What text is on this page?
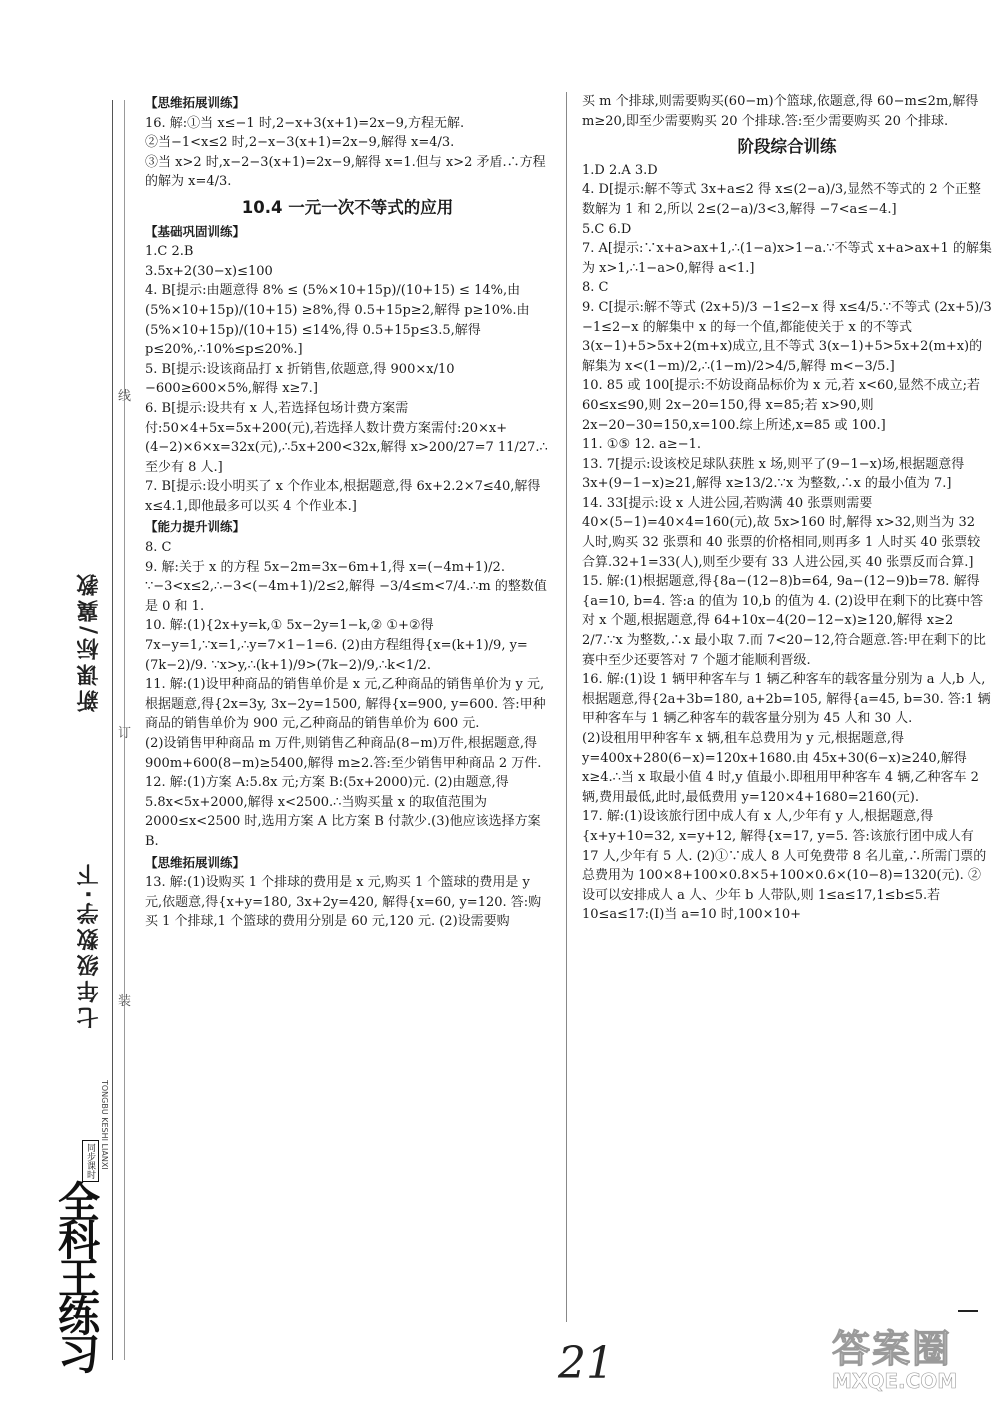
新课标/冀教
七年级数学·下
线
订
装
TONGBU KESHI LIANXI
同步课时
全科王练习
【思维拓展训练】
16. 解:①当 x≤−1 时,2−x+3(x+1)=2x−9,方程无解.
②当−1<x≤2 时,2−x−3(x+1)=2x−9,解得 x=4/3.
③当 x>2 时,x−2−3(x+1)=2x−9,解得 x=1.但与 x>2 矛盾.∴方程的解为 x=4/3.
10.4 一元一次不等式的应用
【基础巩固训练】
1.C 2.B
3.5x+2(30−x)≤100
4. B[提示:由题意得 8% ≤ (5%×10+15p)/(10+15) ≤ 14%,由 (5%×10+15p)/(10+15) ≥8%,得 0.5+15p≥2,解得 p≥10%.由 (5%×10+15p)/(10+15) ≤14%,得 0.5+15p≤3.5,解得 p≤20%,∴10%≤p≤20%.]
5. B[提示:设该商品打 x 折销售,依题意,得 900×x/10 −600≥600×5%,解得 x≥7.]
6. B[提示:设共有 x 人,若选择包场计费方案需付:50×4+5x=5x+200(元),若选择人数计费方案需付:20×x+(4−2)×6×x=32x(元),∴5x+200<32x,解得 x>200/27=7 11/27.∴至少有 8 人.]
7. B[提示:设小明买了 x 个作业本,根据题意,得 6x+2.2×7≤40,解得 x≤4.1,即他最多可以买 4 个作业本.]
【能力提升训练】
8. C
9. 解:关于 x 的方程 5x−2m=3x−6m+1,得 x=(−4m+1)/2. ∵−3<x≤2,∴−3<(−4m+1)/2≤2,解得 −3/4≤m<7/4.∴m 的整数值是 0 和 1.
10. 解:(1){2x+y=k,① 5x−2y=1−k,② ①+②得 7x−y=1,∵x=1,∴y=7×1−1=6. (2)由方程组得{x=(k+1)/9, y=(7k−2)/9. ∵x>y,∴(k+1)/9>(7k−2)/9,∴k<1/2.
11. 解:(1)设甲种商品的销售单价是 x 元,乙种商品的销售单价为 y 元,根据题意,得{2x=3y, 3x−2y=1500, 解得{x=900, y=600. 答:甲种商品的销售单价为 900 元,乙种商品的销售单价为 600 元.
(2)设销售甲种商品 m 万件,则销售乙种商品(8−m)万件,根据题意,得 900m+600(8−m)≥5400,解得 m≥2.答:至少销售甲种商品 2 万件.
12. 解:(1)方案 A:5.8x 元;方案 B:(5x+2000)元. (2)由题意,得 5.8x<5x+2000,解得 x<2500.∴当购买量 x 的取值范围为 2000≤x<2500 时,选用方案 A 比方案 B 付款少.(3)他应该选择方案 B.
【思维拓展训练】
13. 解:(1)设购买 1 个排球的费用是 x 元,购买 1 个篮球的费用是 y 元,依题意,得{x+y=180, 3x+2y=420, 解得{x=60, y=120. 答:购买 1 个排球,1 个篮球的费用分别是 60 元,120 元. (2)设需要购
买 m 个排球,则需要购买(60−m)个篮球,依题意,得 60−m≤2m,解得 m≥20,即至少需要购买 20 个排球.答:至少需要购买 20 个排球.
阶段综合训练
1.D 2.A 3.D
4. D[提示:解不等式 3x+a≤2 得 x≤(2−a)/3,显然不等式的 2 个正整数解为 1 和 2,所以 2≤(2−a)/3<3,解得 −7<a≤−4.]
5.C 6.D
7. A[提示:∵x+a>ax+1,∴(1−a)x>1−a.∵不等式 x+a>ax+1 的解集为 x>1,∴1−a>0,解得 a<1.]
8. C
9. C[提示:解不等式 (2x+5)/3 −1≤2−x 得 x≤4/5.∵不等式 (2x+5)/3 −1≤2−x 的解集中 x 的每一个值,都能使关于 x 的不等式 3(x−1)+5>5x+2(m+x)成立,且不等式 3(x−1)+5>5x+2(m+x)的解集为 x<(1−m)/2,∴(1−m)/2>4/5,解得 m<−3/5.]
10. 85 或 100[提示:不妨设商品标价为 x 元,若 x<60,显然不成立;若 60≤x≤90,则 2x−20=150,得 x=85;若 x>90,则 2x−20−30=150,x=100.综上所述,x=85 或 100.]
11. ①⑤ 12. a≥−1.
13. 7[提示:设该校足球队获胜 x 场,则平了(9−1−x)场,根据题意得 3x+(9−1−x)≥21,解得 x≥13/2.∵x 为整数,∴x 的最小值为 7.]
14. 33[提示:设 x 人进公园,若购满 40 张票则需要 40×(5−1)=40×4=160(元),故 5x>160 时,解得 x>32,则当为 32 人时,购买 32 张票和 40 张票的价格相同,则再多 1 人时买 40 张票较合算.32+1=33(人),则至少要有 33 人进公园,买 40 张票反而合算.]
15. 解:(1)根据题意,得{8a−(12−8)b=64, 9a−(12−9)b=78. 解得{a=10, b=4. 答:a 的值为 10,b 的值为 4. (2)设甲在剩下的比赛中答对 x 个题,根据题意,得 64+10x−4(20−12−x)≥120,解得 x≥2 2/7.∵x 为整数,∴x 最小取 7.而 7<20−12,符合题意.答:甲在剩下的比赛中至少还要答对 7 个题才能顺利晋级.
16. 解:(1)设 1 辆甲种客车与 1 辆乙种客车的载客量分别为 a 人,b 人,根据题意,得{2a+3b=180, a+2b=105, 解得{a=45, b=30. 答:1 辆甲种客车与 1 辆乙种客车的载客量分别为 45 人和 30 人.
(2)设租用甲种客车 x 辆,租车总费用为 y 元,根据题意,得 y=400x+280(6−x)=120x+1680.由 45x+30(6−x)≥240,解得 x≥4.∴当 x 取最小值 4 时,y 值最小.即租用甲种客车 4 辆,乙种客车 2 辆,费用最低,此时,最低费用 y=120×4+1680=2160(元).
17. 解:(1)设该旅行团中成人有 x 人,少年有 y 人,根据题意,得{x+y+10=32, x=y+12, 解得{x=17, y=5. 答:该旅行团中成人有 17 人,少年有 5 人. (2)①∵成人 8 人可免费带 8 名儿童,∴所需门票的总费用为 100×8+100×0.8×5+100×0.6×(10−8)=1320(元). ②设可以安排成人 a 人、少年 b 人带队,则 1≤a≤17,1≤b≤5.若 10≤a≤17:(Ⅰ)当 a=10 时,100×10+
21	答案圈
MXQE.COM
